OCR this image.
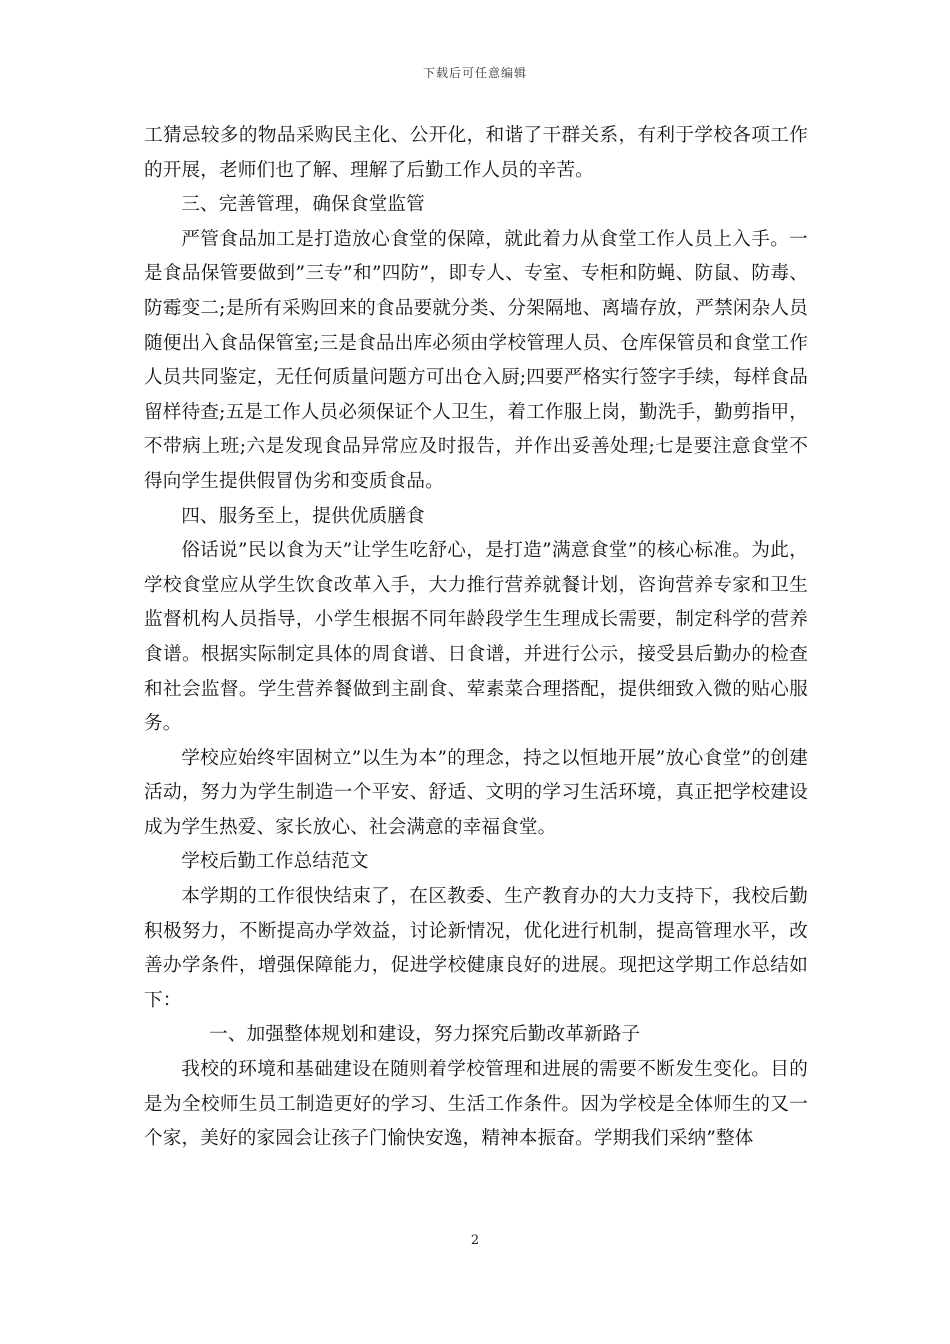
下载后可任意编辑

工猜忌较多的物品采购民主化、公开化，和谐了干群关系，有利于学校各项工作的开展，老师们也了解、理解了后勤工作人员的辛苦。

三、完善管理，确保食堂监管

严管食品加工是打造放心食堂的保障，就此着力从食堂工作人员上入手。一是食品保管要做到”三专”和”四防”，即专人、专室、专柜和防蝇、防鼠、防毒、防霉变二;是所有采购回来的食品要就分类、分架隔地、离墙存放，严禁闲杂人员随便出入食品保管室;三是食品出库必须由学校管理人员、仓库保管员和食堂工作人员共同鉴定，无任何质量问题方可出仓入厨;四要严格实行签字手续，每样食品留样待查;五是工作人员必须保证个人卫生，着工作服上岗，勤洗手，勤剪指甲，不带病上班;六是发现食品异常应及时报告，并作出妥善处理;七是要注意食堂不得向学生提供假冒伪劣和变质食品。

四、服务至上，提供优质膳食

俗话说”民以食为天”让学生吃舒心，是打造”满意食堂”的核心标准。为此，学校食堂应从学生饮食改革入手，大力推行营养就餐计划，咨询营养专家和卫生监督机构人员指导，小学生根据不同年龄段学生生理成长需要，制定科学的营养食谱。根据实际制定具体的周食谱、日食谱，并进行公示，接受县后勤办的检查和社会监督。学生营养餐做到主副食、荤素菜合理搭配，提供细致入微的贴心服务。

学校应始终牢固树立”以生为本”的理念，持之以恒地开展”放心食堂”的创建活动，努力为学生制造一个平安、舒适、文明的学习生活环境，真正把学校建设成为学生热爱、家长放心、社会满意的幸福食堂。

学校后勤工作总结范文

本学期的工作很快结束了，在区教委、生产教育办的大力支持下，我校后勤积极努力，不断提高办学效益，讨论新情况，优化进行机制，提高管理水平，改善办学条件，增强保障能力，促进学校健康良好的进展。现把这学期工作总结如下：

一、加强整体规划和建设，努力探究后勤改革新路子

我校的环境和基础建设在随则着学校管理和进展的需要不断发生变化。目的是为全校师生员工制造更好的学习、生活工作条件。因为学校是全体师生的又一个家，美好的家园会让孩子门愉快安逸，精神本振奋。学期我们采纳”整体

2
